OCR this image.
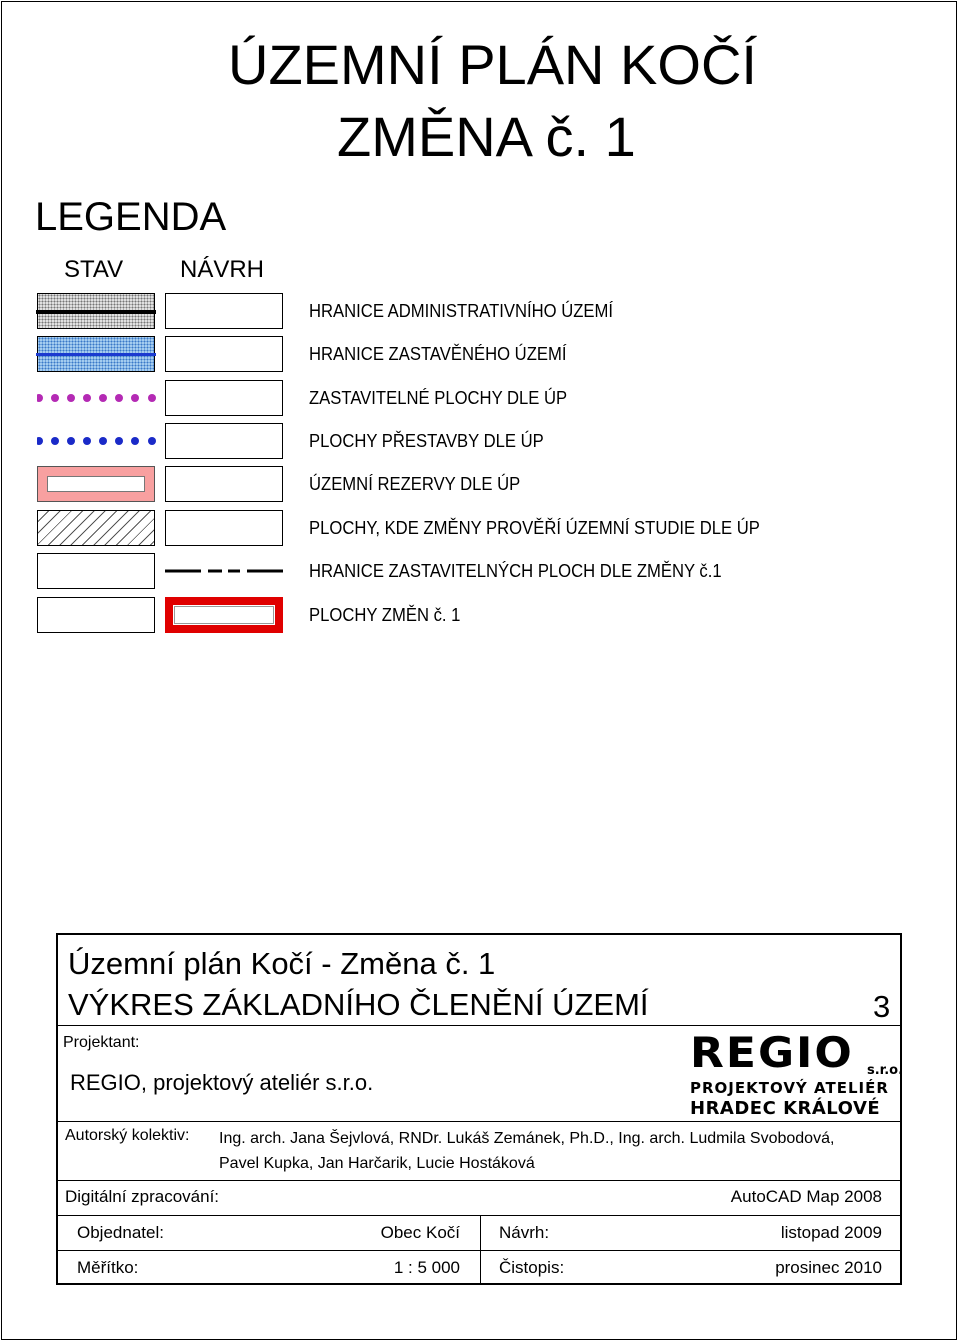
ÚZEMNÍ PLÁN KOČÍ
ZMĚNA č. 1
LEGENDA
STAV NÁVRH
HRANICE ADMINISTRATIVNÍHO ÚZEMÍ
HRANICE ZASTAVĚNÉHO ÚZEMÍ
ZASTAVITELNÉ PLOCHY DLE ÚP
PLOCHY PŘESTAVBY DLE ÚP
ÚZEMNÍ REZERVY DLE ÚP
PLOCHY, KDE ZMĚNY PROVĚŘÍ ÚZEMNÍ STUDIE DLE ÚP
HRANICE ZASTAVITELNÝCH PLOCH DLE ZMĚNY č.1
PLOCHY ZMĚN č. 1
Územní plán Kočí - Změna č. 1
VÝKRES ZÁKLADNÍHO ČLENĚNÍ ÚZEMÍ	3
Projektant:
REGIO, projektový ateliér s.r.o.
REGIO s.r.o.
PROJEKTOVÝ ATELIÉR
HRADEC KRÁLOVÉ
Autorský kolektiv: Ing. arch. Jana Šejvlová, RNDr. Lukáš Zemánek, Ph.D., Ing. arch. Ludmila Svobodová,
Pavel Kupka, Jan Harčarik, Lucie Hostáková
Digitální zpracování:	AutoCAD Map 2008
Objednatel:	Obec Kočí Návrh:	listopad 2009
Měřítko:	1 : 5 000 Čistopis:	prosinec 2010
